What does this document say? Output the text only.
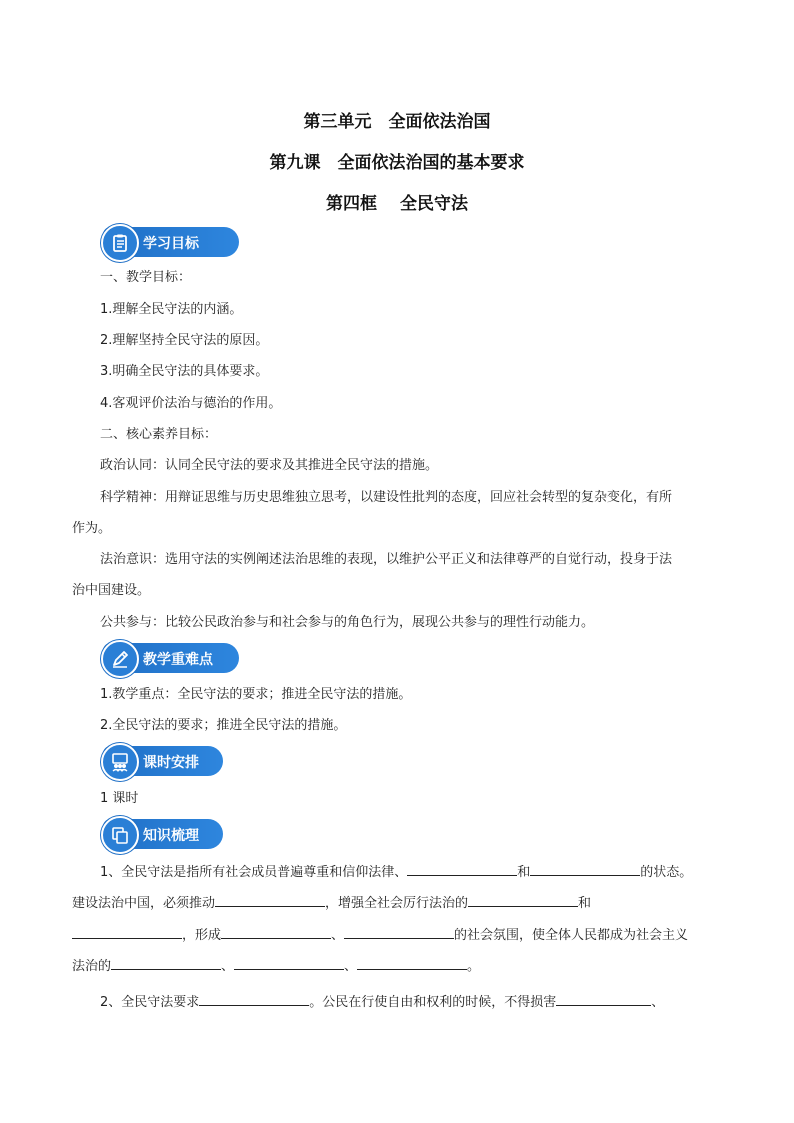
第三单元　全面依法治国
第九课　全面依法治国的基本要求
第四框　 全民守法
学习目标
一、教学目标：
1.理解全民守法的内涵。
2.理解坚持全民守法的原因。
3.明确全民守法的具体要求。
4.客观评价法治与德治的作用。
二、核心素养目标：
政治认同：认同全民守法的要求及其推进全民守法的措施。
科学精神：用辩证思维与历史思维独立思考，以建设性批判的态度，回应社会转型的复杂变化，有所
作为。
法治意识：选用守法的实例阐述法治思维的表现，以维护公平正义和法律尊严的自觉行动，投身于法
治中国建设。
公共参与：比较公民政治参与和社会参与的角色行为，展现公共参与的理性行动能力。
教学重难点
1.教学重点：全民守法的要求；推进全民守法的措施。
2.全民守法的要求；推进全民守法的措施。
课时安排
1 课时
知识梳理
1、全民守法是指所有社会成员普遍尊重和信仰法律、	和	的状态。
建设法治中国，必须推动	，增强全社会厉行法治的	和
，形成	、	的社会氛围，使全体人民都成为社会主义
法治的	、	、	。
2、全民守法要求	。公民在行使自由和权利的时候，不得损害	、
